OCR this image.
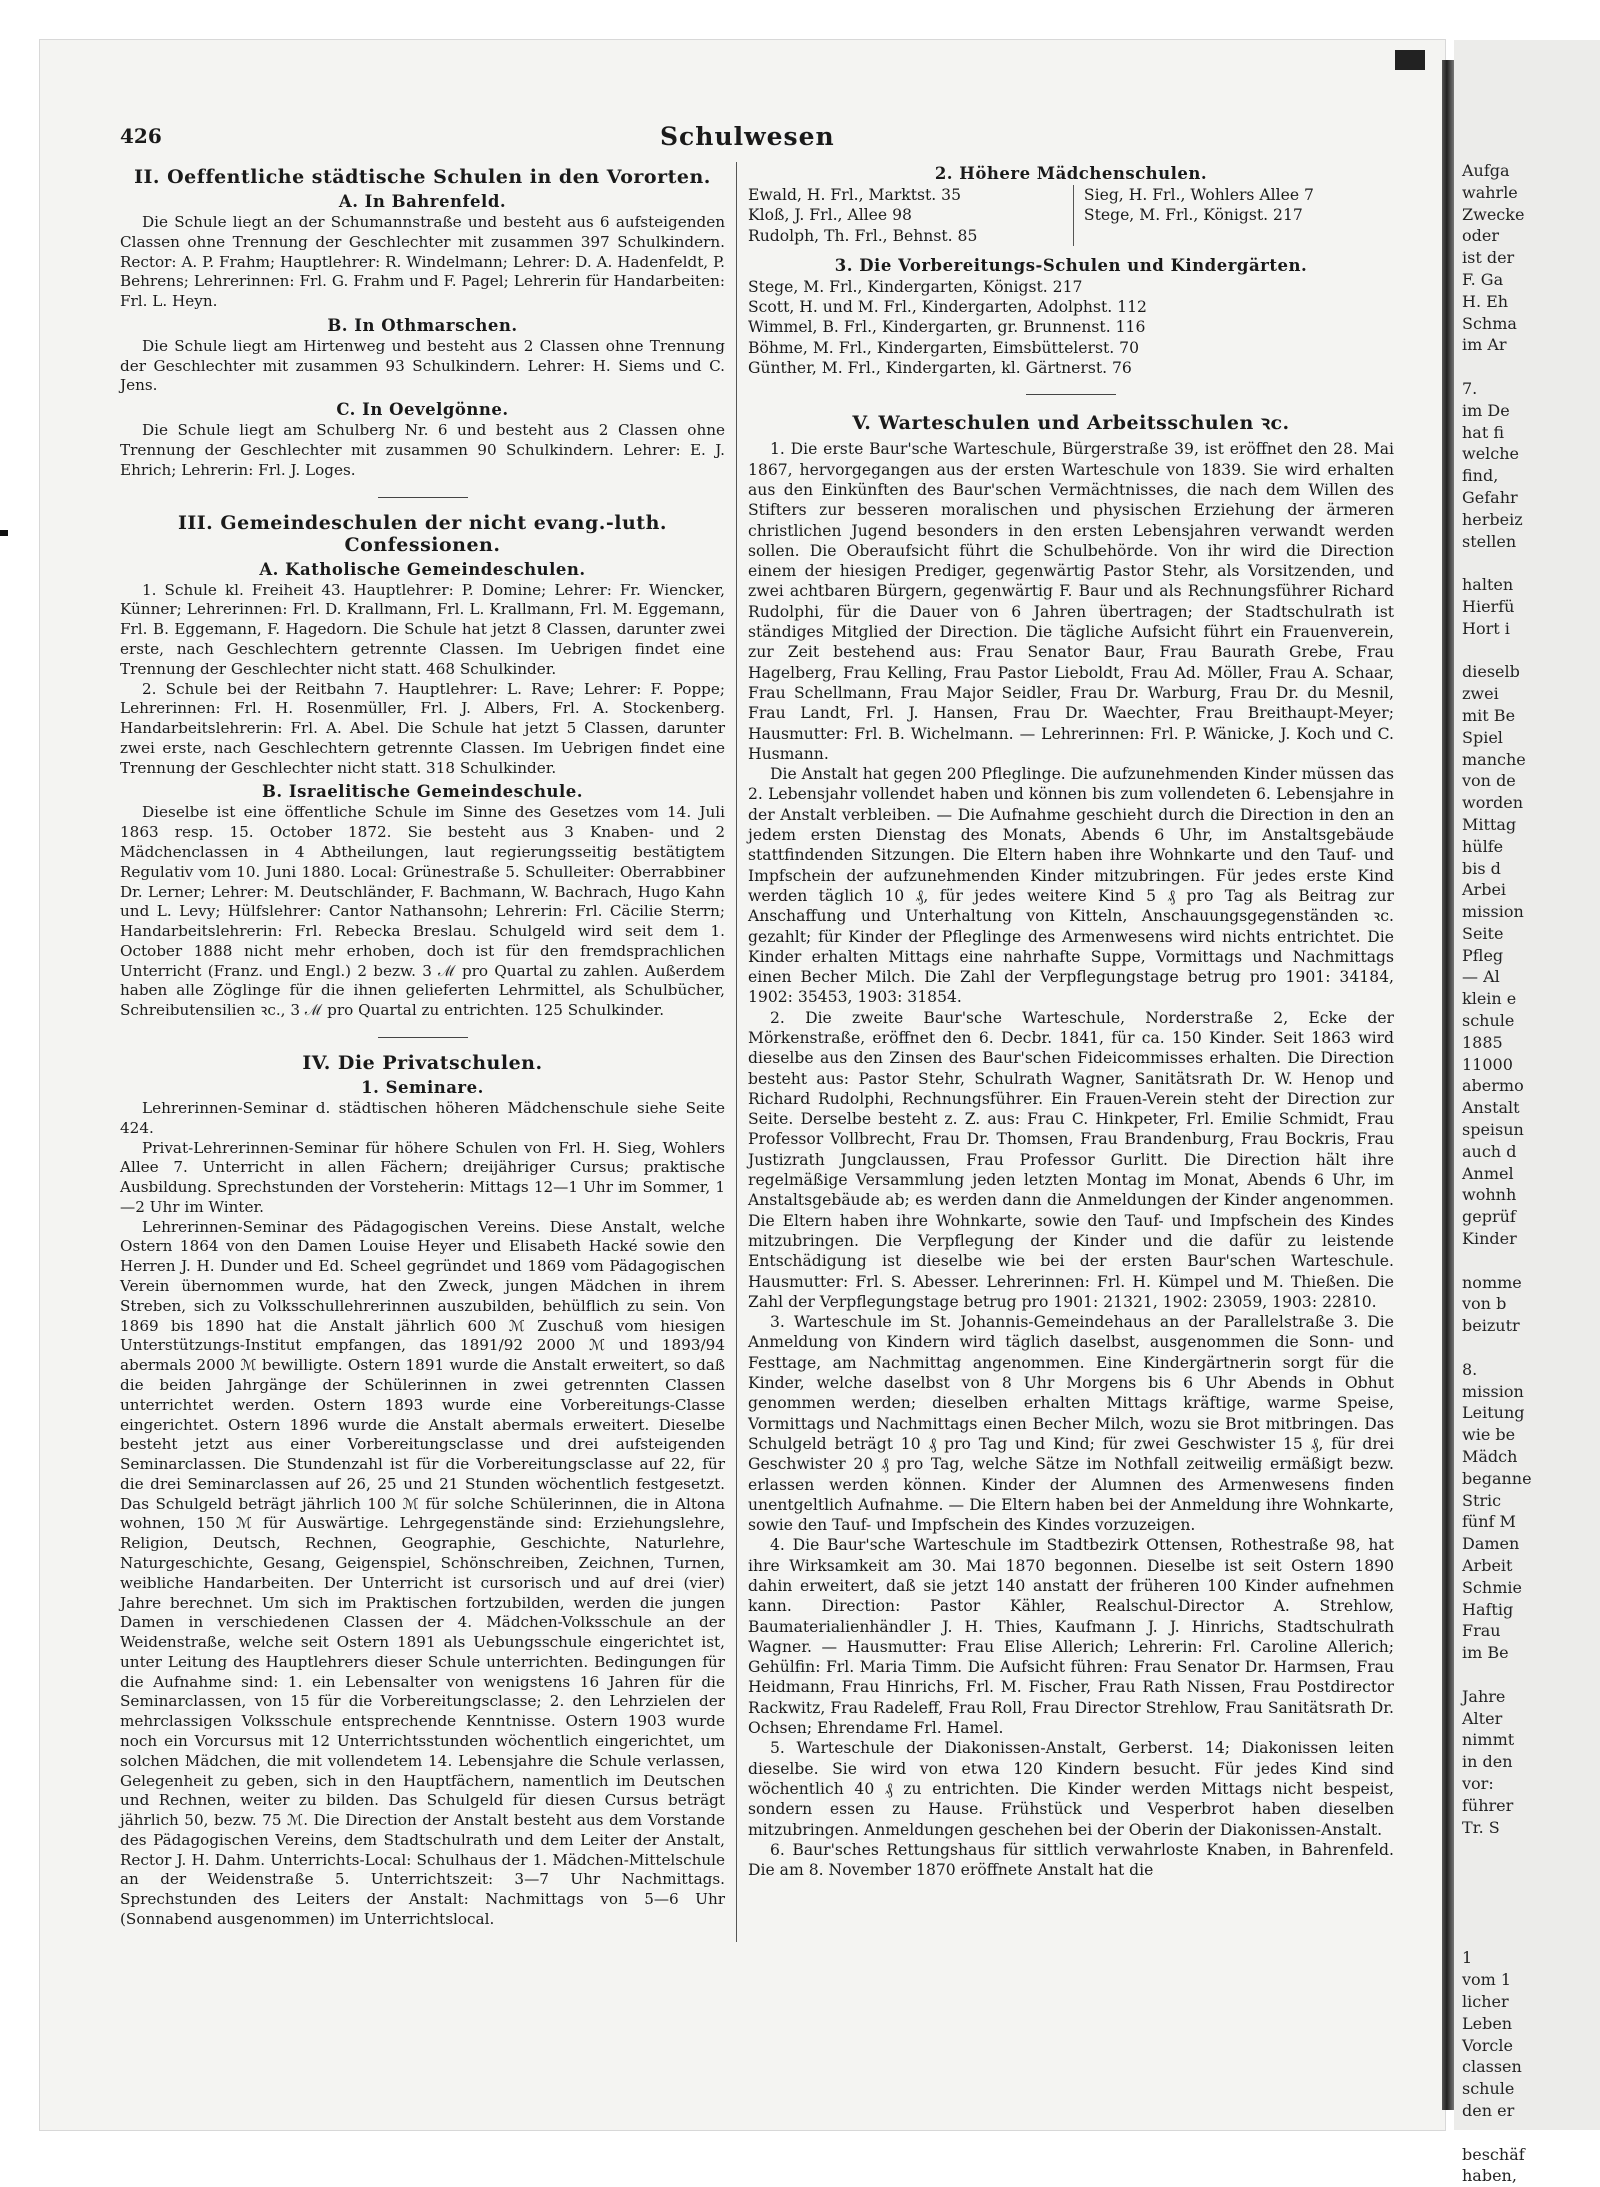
Aufga
wahrle
Zwecke
oder
ist der
F. Ga
H. Eh
Schma
im Ar

7.
im De
hat fi
welche
find,
Gefahr
herbeiz
stellen

halten
Hierfü
Hort i

dieselb
zwei
mit Be
Spiel
manche
von de
worden
Mittag
hülfe
bis d
Arbei
mission
Seite
Pfleg
— Al
klein e
schule
1885
11000
abermo
Anstalt
speisun
auch d
Anmel
wohnh
geprüf
Kinder

nomme
von b
beizutr

8.
mission
Leitung
wie be
Mädch
beganne
Stric
fünf M
Damen
Arbeit
Schmie
Haftig
Frau
im Be

Jahre
Alter
nimmt
in den
vor:
führer
Tr. S

1
vom 1
licher
Leben
Vorcle
classen
schule
den er

beschäf
haben,
426	Schulwesen
II. Oeffentliche städtische Schulen in den Vororten.
A. In Bahrenfeld.

Die Schule liegt an der Schumannstraße und besteht aus 6 aufsteigenden Classen ohne Trennung der Geschlechter mit zusammen 397 Schulkindern. Rector: A. P. Frahm; Hauptlehrer: R. Windelmann; Lehrer: D. A. Hadenfeldt, P. Behrens; Lehrerinnen: Frl. G. Frahm und F. Pagel; Lehrerin für Handarbeiten: Frl. L. Heyn.

B. In Othmarschen.

Die Schule liegt am Hirtenweg und besteht aus 2 Classen ohne Trennung der Geschlechter mit zusammen 93 Schulkindern. Lehrer: H. Siems und C. Jens.

C. In Oevelgönne.

Die Schule liegt am Schulberg Nr. 6 und besteht aus 2 Classen ohne Trennung der Geschlechter mit zusammen 90 Schulkindern. Lehrer: E. J. Ehrich; Lehrerin: Frl. J. Loges.

III. Gemeindeschulen der nicht evang.-luth. Confessionen.
A. Katholische Gemeindeschulen.

1. Schule kl. Freiheit 43. Hauptlehrer: P. Domine; Lehrer: Fr. Wiencker, Künner; Lehrerinnen: Frl. D. Krallmann, Frl. L. Krallmann, Frl. M. Eggemann, Frl. B. Eggemann, F. Hagedorn. Die Schule hat jetzt 8 Classen, darunter zwei erste, nach Geschlechtern getrennte Classen. Im Uebrigen findet eine Trennung der Geschlechter nicht statt. 468 Schulkinder.

2. Schule bei der Reitbahn 7. Hauptlehrer: L. Rave; Lehrer: F. Poppe; Lehrerinnen: Frl. H. Rosenmüller, Frl. J. Albers, Frl. A. Stockenberg. Handarbeitslehrerin: Frl. A. Abel. Die Schule hat jetzt 5 Classen, darunter zwei erste, nach Geschlechtern getrennte Classen. Im Uebrigen findet eine Trennung der Geschlechter nicht statt. 318 Schulkinder.

B. Israelitische Gemeindeschule.

Dieselbe ist eine öffentliche Schule im Sinne des Gesetzes vom 14. Juli 1863 resp. 15. October 1872. Sie besteht aus 3 Knaben- und 2 Mädchenclassen in 4 Abtheilungen, laut regierungsseitig bestätigtem Regulativ vom 10. Juni 1880. Local: Grünestraße 5. Schulleiter: Oberrabbiner Dr. Lerner; Lehrer: M. Deutschländer, F. Bachmann, W. Bachrach, Hugo Kahn und L. Levy; Hülfslehrer: Cantor Nathansohn; Lehrerin: Frl. Cäcilie Sterrn; Handarbeitslehrerin: Frl. Rebecka Breslau. Schulgeld wird seit dem 1. October 1888 nicht mehr erhoben, doch ist für den fremdsprachlichen Unterricht (Franz. und Engl.) 2 bezw. 3 ℳ pro Quartal zu zahlen. Außerdem haben alle Zöglinge für die ihnen gelieferten Lehrmittel, als Schulbücher, Schreibutensilien ꝛc., 3 ℳ pro Quartal zu entrichten. 125 Schulkinder.

IV. Die Privatschulen.
1. Seminare.

Lehrerinnen-Seminar d. städtischen höheren Mädchenschule siehe Seite 424.

Privat-Lehrerinnen-Seminar für höhere Schulen von Frl. H. Sieg, Wohlers Allee 7. Unterricht in allen Fächern; dreijähriger Cursus; praktische Ausbildung. Sprechstunden der Vorsteherin: Mittags 12—1 Uhr im Sommer, 1—2 Uhr im Winter.

Lehrerinnen-Seminar des Pädagogischen Vereins. Diese Anstalt, welche Ostern 1864 von den Damen Louise Heyer und Elisabeth Hacké sowie den Herren J. H. Dunder und Ed. Scheel gegründet und 1869 vom Pädagogischen Verein übernommen wurde, hat den Zweck, jungen Mädchen in ihrem Streben, sich zu Volksschullehrerinnen auszubilden, behülflich zu sein. Von 1869 bis 1890 hat die Anstalt jährlich 600 ℳ Zuschuß vom hiesigen Unterstützungs-Institut empfangen, das 1891/92 2000 ℳ und 1893/94 abermals 2000 ℳ bewilligte. Ostern 1891 wurde die Anstalt erweitert, so daß die beiden Jahrgänge der Schülerinnen in zwei getrennten Classen unterrichtet werden. Ostern 1893 wurde eine Vorbereitungs-Classe eingerichtet. Ostern 1896 wurde die Anstalt abermals erweitert. Dieselbe besteht jetzt aus einer Vorbereitungsclasse und drei aufsteigenden Seminarclassen. Die Stundenzahl ist für die Vorbereitungsclasse auf 22, für die drei Seminarclassen auf 26, 25 und 21 Stunden wöchentlich festgesetzt. Das Schulgeld beträgt jährlich 100 ℳ für solche Schülerinnen, die in Altona wohnen, 150 ℳ für Auswärtige. Lehrgegenstände sind: Erziehungslehre, Religion, Deutsch, Rechnen, Geographie, Geschichte, Naturlehre, Naturgeschichte, Gesang, Geigenspiel, Schönschreiben, Zeichnen, Turnen, weibliche Handarbeiten. Der Unterricht ist cursorisch und auf drei (vier) Jahre berechnet. Um sich im Praktischen fortzubilden, werden die jungen Damen in verschiedenen Classen der 4. Mädchen-Volksschule an der Weidenstraße, welche seit Ostern 1891 als Uebungsschule eingerichtet ist, unter Leitung des Hauptlehrers dieser Schule unterrichten. Bedingungen für die Aufnahme sind: 1. ein Lebensalter von wenigstens 16 Jahren für die Seminarclassen, von 15 für die Vorbereitungsclasse; 2. den Lehrzielen der mehrclassigen Volksschule entsprechende Kenntnisse. Ostern 1903 wurde noch ein Vorcursus mit 12 Unterrichtsstunden wöchentlich eingerichtet, um solchen Mädchen, die mit vollendetem 14. Lebensjahre die Schule verlassen, Gelegenheit zu geben, sich in den Hauptfächern, namentlich im Deutschen und Rechnen, weiter zu bilden. Das Schulgeld für diesen Cursus beträgt jährlich 50, bezw. 75 ℳ. Die Direction der Anstalt besteht aus dem Vorstande des Pädagogischen Vereins, dem Stadtschulrath und dem Leiter der Anstalt, Rector J. H. Dahm. Unterrichts-Local: Schulhaus der 1. Mädchen-Mittelschule an der Weidenstraße 5. Unterrichtszeit: 3—7 Uhr Nachmittags. Sprechstunden des Leiters der Anstalt: Nachmittags von 5—6 Uhr (Sonnabend ausgenommen) im Unterrichtslocal.

2. Höhere Mädchenschulen.
Ewald, H. Frl., Marktst. 35
Kloß, J. Frl., Allee 98
Rudolph, Th. Frl., Behnst. 85
Sieg, H. Frl., Wohlers Allee 7
Stege, M. Frl., Königst. 217
3. Die Vorbereitungs-Schulen und Kindergärten.
Stege, M. Frl., Kindergarten, Königst. 217
Scott, H. und M. Frl., Kindergarten, Adolphst. 112
Wimmel, B. Frl., Kindergarten, gr. Brunnenst. 116
Böhme, M. Frl., Kindergarten, Eimsbüttelerst. 70
Günther, M. Frl., Kindergarten, kl. Gärtnerst. 76
V. Warteschulen und Arbeitsschulen ꝛc.

1. Die erste Baur'sche Warteschule, Bürgerstraße 39, ist eröffnet den 28. Mai 1867, hervorgegangen aus der ersten Warteschule von 1839. Sie wird erhalten aus den Einkünften des Baur'schen Vermächtnisses, die nach dem Willen des Stifters zur besseren moralischen und physischen Erziehung der ärmeren christlichen Jugend besonders in den ersten Lebensjahren verwandt werden sollen. Die Oberaufsicht führt die Schulbehörde. Von ihr wird die Direction einem der hiesigen Prediger, gegenwärtig Pastor Stehr, als Vorsitzenden, und zwei achtbaren Bürgern, gegenwärtig F. Baur und als Rechnungsführer Richard Rudolphi, für die Dauer von 6 Jahren übertragen; der Stadtschulrath ist ständiges Mitglied der Direction. Die tägliche Aufsicht führt ein Frauenverein, zur Zeit bestehend aus: Frau Senator Baur, Frau Baurath Grebe, Frau Hagelberg, Frau Kelling, Frau Pastor Lieboldt, Frau Ad. Möller, Frau A. Schaar, Frau Schellmann, Frau Major Seidler, Frau Dr. Warburg, Frau Dr. du Mesnil, Frau Landt, Frl. J. Hansen, Frau Dr. Waechter, Frau Breithaupt-Meyer; Hausmutter: Frl. B. Wichelmann. — Lehrerinnen: Frl. P. Wänicke, J. Koch und C. Husmann.

Die Anstalt hat gegen 200 Pfleglinge. Die aufzunehmenden Kinder müssen das 2. Lebensjahr vollendet haben und können bis zum vollendeten 6. Lebensjahre in der Anstalt verbleiben. — Die Aufnahme geschieht durch die Direction in den an jedem ersten Dienstag des Monats, Abends 6 Uhr, im Anstaltsgebäude stattfindenden Sitzungen. Die Eltern haben ihre Wohnkarte und den Tauf- und Impfschein der aufzunehmenden Kinder mitzubringen. Für jedes erste Kind werden täglich 10 ₰, für jedes weitere Kind 5 ₰ pro Tag als Beitrag zur Anschaffung und Unterhaltung von Kitteln, Anschauungsgegenständen ꝛc. gezahlt; für Kinder der Pfleglinge des Armenwesens wird nichts entrichtet. Die Kinder erhalten Mittags eine nahrhafte Suppe, Vormittags und Nachmittags einen Becher Milch. Die Zahl der Verpflegungstage betrug pro 1901: 34184, 1902: 35453, 1903: 31854.

2. Die zweite Baur'sche Warteschule, Norderstraße 2, Ecke der Mörkenstraße, eröffnet den 6. Decbr. 1841, für ca. 150 Kinder. Seit 1863 wird dieselbe aus den Zinsen des Baur'schen Fideicommisses erhalten. Die Direction besteht aus: Pastor Stehr, Schulrath Wagner, Sanitätsrath Dr. W. Henop und Richard Rudolphi, Rechnungsführer. Ein Frauen-Verein steht der Direction zur Seite. Derselbe besteht z. Z. aus: Frau C. Hinkpeter, Frl. Emilie Schmidt, Frau Professor Vollbrecht, Frau Dr. Thomsen, Frau Brandenburg, Frau Bockris, Frau Justizrath Jungclaussen, Frau Professor Gurlitt. Die Direction hält ihre regelmäßige Versammlung jeden letzten Montag im Monat, Abends 6 Uhr, im Anstaltsgebäude ab; es werden dann die Anmeldungen der Kinder angenommen. Die Eltern haben ihre Wohnkarte, sowie den Tauf- und Impfschein des Kindes mitzubringen. Die Verpflegung der Kinder und die dafür zu leistende Entschädigung ist dieselbe wie bei der ersten Baur'schen Warteschule. Hausmutter: Frl. S. Abesser. Lehrerinnen: Frl. H. Kümpel und M. Thießen. Die Zahl der Verpflegungstage betrug pro 1901: 21321, 1902: 23059, 1903: 22810.

3. Warteschule im St. Johannis-Gemeindehaus an der Parallelstraße 3. Die Anmeldung von Kindern wird täglich daselbst, ausgenommen die Sonn- und Festtage, am Nachmittag angenommen. Eine Kindergärtnerin sorgt für die Kinder, welche daselbst von 8 Uhr Morgens bis 6 Uhr Abends in Obhut genommen werden; dieselben erhalten Mittags kräftige, warme Speise, Vormittags und Nachmittags einen Becher Milch, wozu sie Brot mitbringen. Das Schulgeld beträgt 10 ₰ pro Tag und Kind; für zwei Geschwister 15 ₰, für drei Geschwister 20 ₰ pro Tag, welche Sätze im Nothfall zeitweilig ermäßigt bezw. erlassen werden können. Kinder der Alumnen des Armenwesens finden unentgeltlich Aufnahme. — Die Eltern haben bei der Anmeldung ihre Wohnkarte, sowie den Tauf- und Impfschein des Kindes vorzuzeigen.

4. Die Baur'sche Warteschule im Stadtbezirk Ottensen, Rothestraße 98, hat ihre Wirksamkeit am 30. Mai 1870 begonnen. Dieselbe ist seit Ostern 1890 dahin erweitert, daß sie jetzt 140 anstatt der früheren 100 Kinder aufnehmen kann. Direction: Pastor Kähler, Realschul-Director A. Strehlow, Baumaterialienhändler J. H. Thies, Kaufmann J. J. Hinrichs, Stadtschulrath Wagner. — Hausmutter: Frau Elise Allerich; Lehrerin: Frl. Caroline Allerich; Gehülfin: Frl. Maria Timm. Die Aufsicht führen: Frau Senator Dr. Harmsen, Frau Heidmann, Frau Hinrichs, Frl. M. Fischer, Frau Rath Nissen, Frau Postdirector Rackwitz, Frau Radeleff, Frau Roll, Frau Director Strehlow, Frau Sanitätsrath Dr. Ochsen; Ehrendame Frl. Hamel.

5. Warteschule der Diakonissen-Anstalt, Gerberst. 14; Diakonissen leiten dieselbe. Sie wird von etwa 120 Kindern besucht. Für jedes Kind sind wöchentlich 40 ₰ zu entrichten. Die Kinder werden Mittags nicht bespeist, sondern essen zu Hause. Frühstück und Vesperbrot haben dieselben mitzubringen. Anmeldungen geschehen bei der Oberin der Diakonissen-Anstalt.

6. Baur'sches Rettungshaus für sittlich verwahrloste Knaben, in Bahrenfeld. Die am 8. November 1870 eröffnete Anstalt hat die
